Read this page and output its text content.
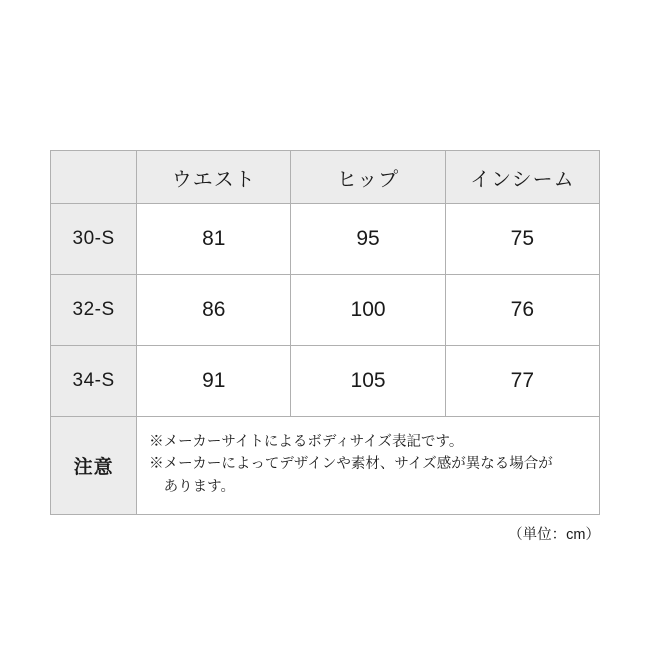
	ウエスト	ヒップ	インシーム
30-S	81	95	75
32-S	86	100	76
34-S	91	105	77
注意	※メーカーサイトによるボディサイズ表記です。
※メーカーによってデザインや素材、サイズ感が異なる場合が
　あります。		
（単位：cm）
